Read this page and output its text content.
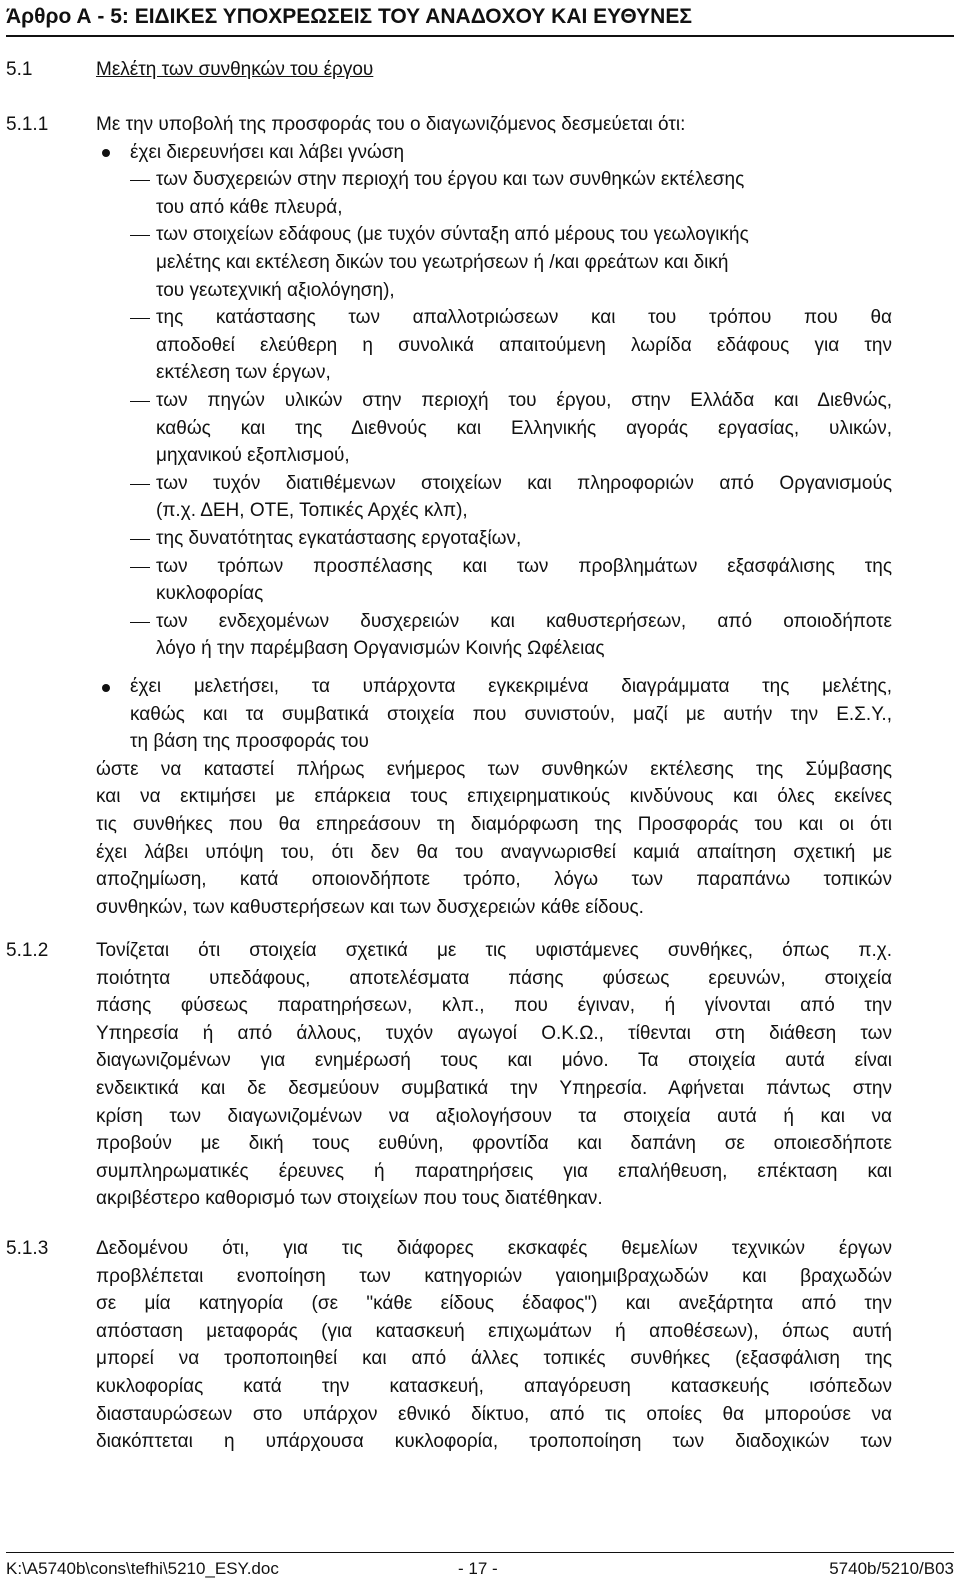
Άρθρο Α - 5: ΕΙΔΙΚΕΣ ΥΠΟΧΡΕΩΣΕΙΣ ΤΟΥ ΑΝΑΔΟΧΟΥ ΚΑΙ ΕΥΘΥΝΕΣ
5.1	Μελέτη των συνθηκών του έργου
5.1.1	Με την υποβολή της προσφοράς του ο διαγωνιζόμενος δεσμεύεται ότι:
έχει διερευνήσει και λάβει γνώση
των δυσχερειών στην περιοχή του έργου και των συνθηκών εκτέλεσης
του από κάθε πλευρά,
των στοιχείων εδάφους (με τυχόν σύνταξη από μέρους του γεωλογικής
μελέτης και εκτέλεση δικών του γεωτρήσεων ή /και φρεάτων και δική
του γεωτεχνική αξιολόγηση),
της κατάστασης των απαλλοτριώσεων και του τρόπου που θα
αποδοθεί ελεύθερη η συνολικά απαιτούμενη λωρίδα εδάφους για την
εκτέλεση των έργων,
των πηγών υλικών στην περιοχή του έργου, στην Ελλάδα και Διεθνώς,
καθώς και της Διεθνούς και Ελληνικής αγοράς εργασίας, υλικών,
μηχανικού εξοπλισμού,
των τυχόν διατιθέμενων στοιχείων και πληροφοριών από Οργανισμούς
(π.χ. ΔΕΗ, ΟΤΕ, Τοπικές Αρχές κλπ),
της δυνατότητας εγκατάστασης εργοταξίων,
των τρόπων προσπέλασης και των προβλημάτων εξασφάλισης της
κυκλοφορίας
των ενδεχομένων δυσχερειών και καθυστερήσεων, από οποιοδήποτε
λόγο ή την παρέμβαση Οργανισμών Κοινής Ωφέλειας
έχει μελετήσει, τα υπάρχοντα εγκεκριμένα διαγράμματα της μελέτης,
καθώς και τα συμβατικά στοιχεία που συνιστούν, μαζί με αυτήν την Ε.Σ.Υ.,
τη βάση της προσφοράς του
ώστε να καταστεί πλήρως ενήμερος των συνθηκών εκτέλεσης της Σύμβασης
και να εκτιμήσει με επάρκεια τους επιχειρηματικούς κινδύνους και όλες εκείνες
τις συνθήκες που θα επηρεάσουν τη διαμόρφωση της Προσφοράς του και οι ότι
έχει λάβει υπόψη του, ότι δεν θα του αναγνωρισθεί καμιά απαίτηση σχετική με
αποζημίωση, κατά οποιονδήποτε τρόπο, λόγω των παραπάνω τοπικών
συνθηκών, των καθυστερήσεων και των δυσχερειών κάθε είδους.
5.1.2	Τονίζεται ότι στοιχεία σχετικά με τις υφιστάμενες συνθήκες, όπως π.χ.
ποιότητα υπεδάφους, αποτελέσματα πάσης φύσεως ερευνών, στοιχεία
πάσης φύσεως παρατηρήσεων, κλπ., που έγιναν, ή γίνονται από την
Υπηρεσία ή από άλλους, τυχόν αγωγοί Ο.Κ.Ω., τίθενται στη διάθεση των
διαγωνιζομένων για ενημέρωσή τους και μόνο. Τα στοιχεία αυτά είναι
ενδεικτικά και δε δεσμεύουν συμβατικά την Υπηρεσία. Αφήνεται πάντως στην
κρίση των διαγωνιζομένων να αξιολογήσουν τα στοιχεία αυτά ή και να
προβούν με δική τους ευθύνη, φροντίδα και δαπάνη σε οποιεσδήποτε
συμπληρωματικές έρευνες ή παρατηρήσεις για επαλήθευση, επέκταση και
ακριβέστερο καθορισμό των στοιχείων που τους διατέθηκαν.
5.1.3	Δεδομένου ότι, για τις διάφορες εκσκαφές θεμελίων τεχνικών έργων
προβλέπεται ενοποίηση των κατηγοριών γαιοημιβραχωδών και βραχωδών
σε μία κατηγορία (σε "κάθε είδους έδαφος") και ανεξάρτητα από την
απόσταση μεταφοράς (για κατασκευή επιχωμάτων ή αποθέσεων), όπως αυτή
μπορεί να τροποποιηθεί και από άλλες τοπικές συνθήκες (εξασφάλιση της
κυκλοφορίας κατά την κατασκευή, απαγόρευση κατασκευής ισόπεδων
διασταυρώσεων στο υπάρχον εθνικό δίκτυο, από τις οποίες θα μπορούσε να
διακόπτεται η υπάρχουσα κυκλοφορία, τροποποίηση των διαδοχικών των
K:\A5740b\cons\tefhi\5210_ESY.doc	- 17 -	5740b/5210/B03
